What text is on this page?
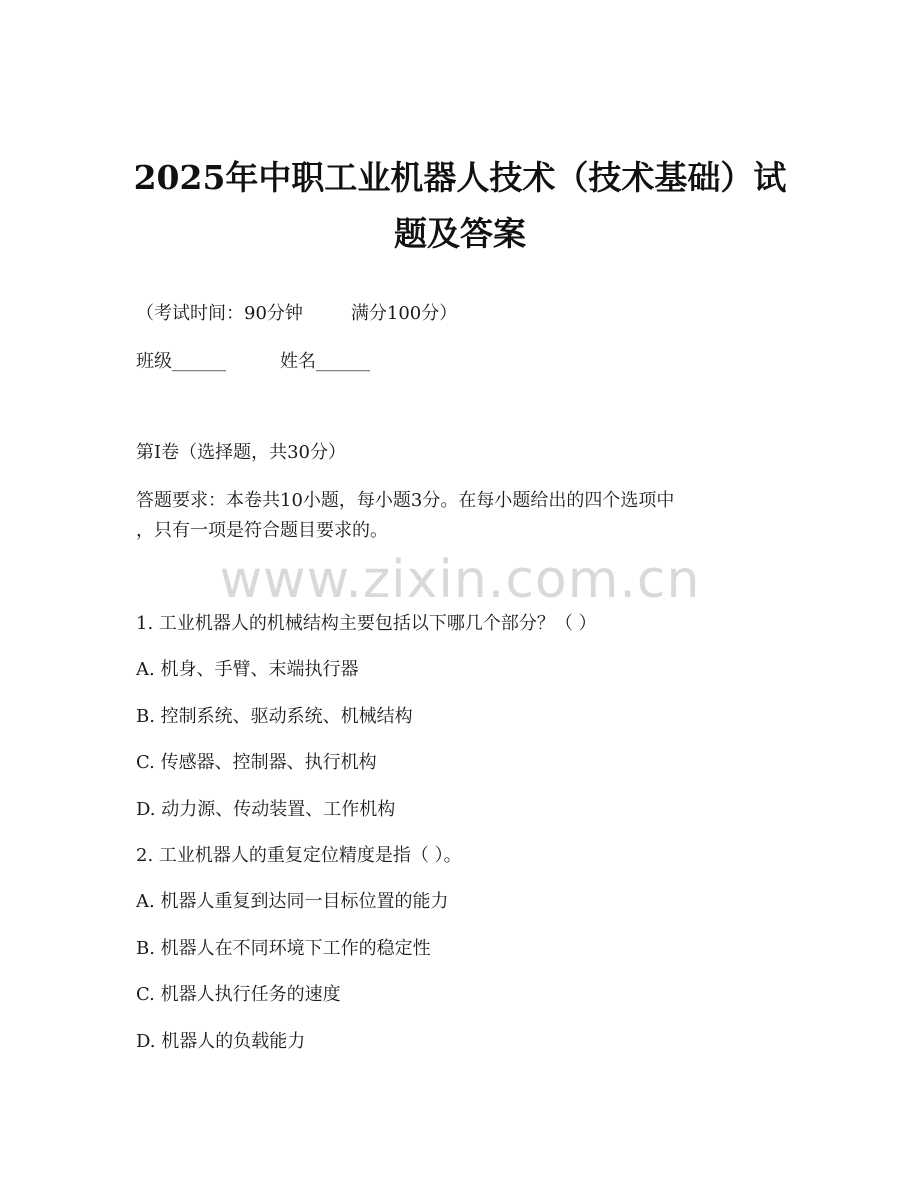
2025年中职工业机器人技术（技术基础）试
题及答案
（考试时间：90分钟	满分100分）
班级______	姓名______
第I卷（选择题，共30分）
答题要求：本卷共10小题，每小题3分。在每小题给出的四个选项中
，只有一项是符合题目要求的。
www.zixin.com.cn
1. 工业机器人的机械结构主要包括以下哪几个部分？（ ）
A. 机身、手臂、末端执行器
B. 控制系统、驱动系统、机械结构
C. 传感器、控制器、执行机构
D. 动力源、传动装置、工作机构
2. 工业机器人的重复定位精度是指（ ）。
A. 机器人重复到达同一目标位置的能力
B. 机器人在不同环境下工作的稳定性
C. 机器人执行任务的速度
D. 机器人的负载能力
